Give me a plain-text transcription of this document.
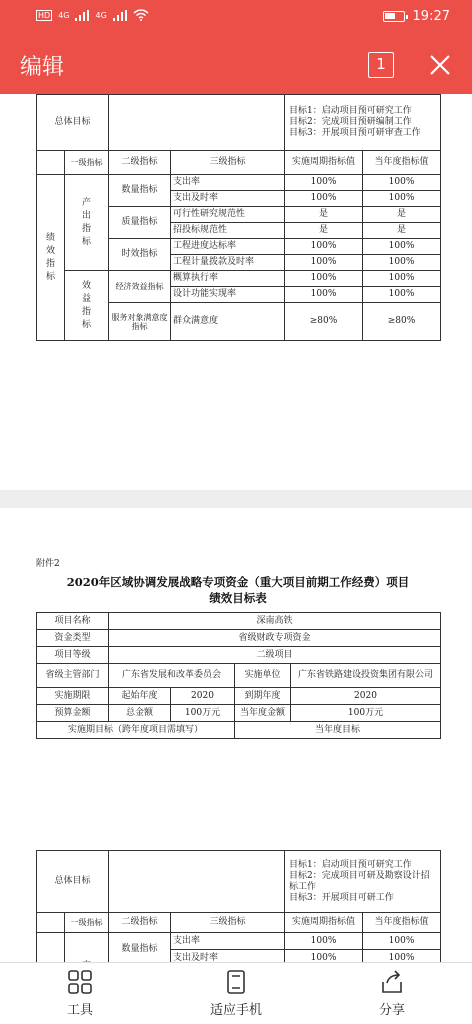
HD 4G	4G	19:27
编辑	1
总体目标				目标1：启动项目预可研究工作
目标2：完成项目预研编制工作
目标3：开展项目预可研审查工作	

	一级指标	二级指标	三级指标	实施周期指标值	当年度指标值
绩效指标	产出指标	数量指标	支出率	100%	100%
			支出及时率	100%	100%
		质量指标	可行性研究规范性	是	是
			招投标规范性	是	是
		时效指标	工程进度达标率	100%	100%
			工程计量拨款及时率	100%	100%
	效益指标	经济效益指标	概算执行率	100%	100%
			设计功能实现率	100%	100%
		服务对象满意度指标	群众满意度	≥80%	≥80%
附件2
2020年区域协调发展战略专项资金（重大项目前期工作经费）项目
绩效目标表
项目名称	深南高铁			
资金类型	省级财政专项资金			
项目等级	二级项目			
省级主管部门	广东省发展和改革委员会		实施单位	广东省铁路建设投资集团有限公司
实施期限	起始年度	2020	到期年度	2020
预算金额	总金额	100万元	当年度金额	100万元
实施期目标（跨年度项目需填写）			当年度目标	
总体目标				目标1：启动项目预可研究工作
目标2：完成项目可研及勘察设计招标工作
目标3：开展项目可研工作	

	一级指标	二级指标	三级指标	实施周期指标值	当年度指标值
		数量指标	支出率	100%	100%
			支出及时率	100%	100%

工具	适应手机	分享
